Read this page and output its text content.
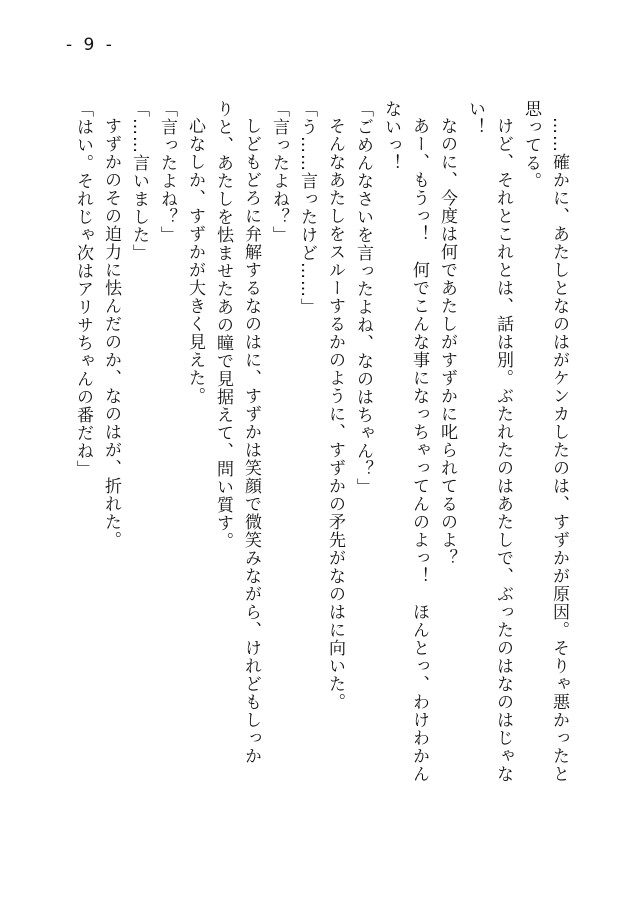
- 9 -
……確かに、あたしとなのはがケンカしたのは、すずかが原因。そりゃ悪かったと
思ってる。
けど、それとこれとは、話は別。ぶたれたのはあたしで、ぶったのはなのはじゃな
い！
なのに、今度は何であたしがすずかに叱られてるのよ？
あー、もうっ！　何でこんな事になっちゃってんのよっ！　ほんとっ、わけわかん
ないっ！
「ごめんなさいを言ったよね、なのはちゃん？」
そんなあたしをスルーするかのように、すずかの矛先がなのはに向いた。
「う……言ったけど……」
「言ったよね？」
しどもどろに弁解するなのはに、すずかは笑顔で微笑みながら、けれどもしっか
りと、あたしを怯ませたあの瞳で見据えて、問い質す。
心なしか、すずかが大きく見えた。
「言ったよね？」
「……言いました」
すずかのその迫力に怯んだのか、なのはが、折れた。
「はい。それじゃ次はアリサちゃんの番だね」
